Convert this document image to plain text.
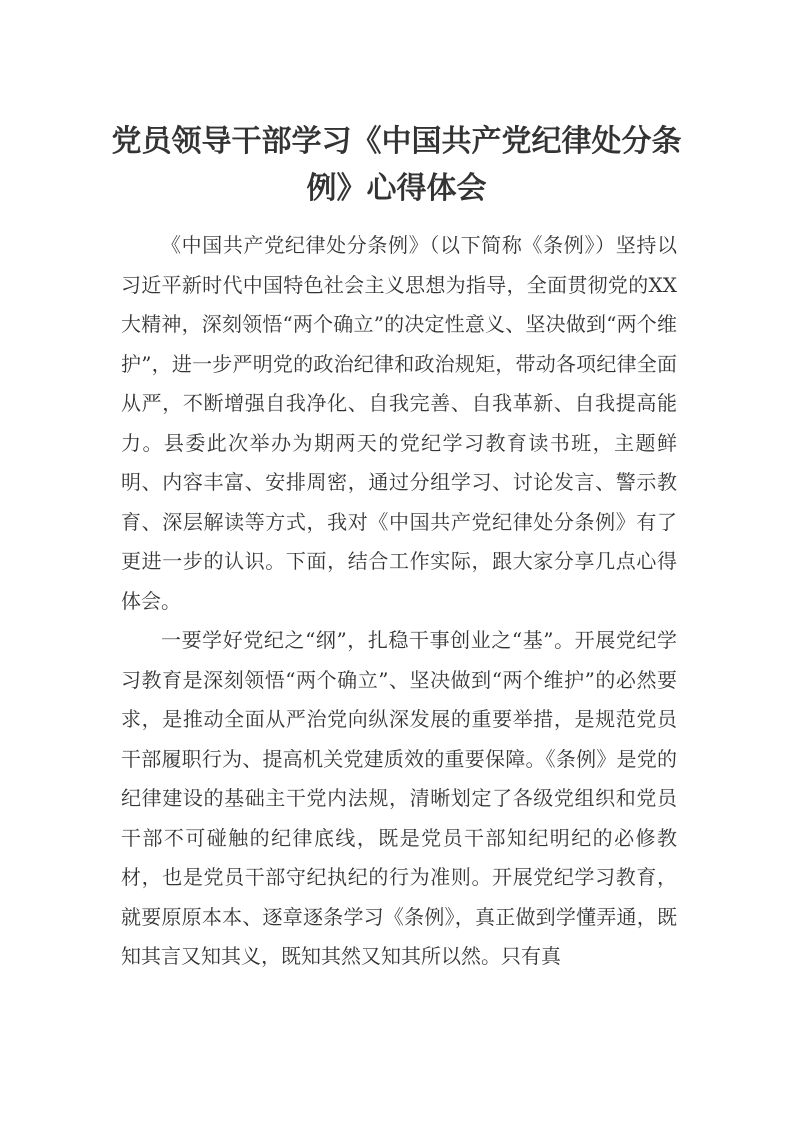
党员领导干部学习《中国共产党纪律处分条例》心得体会

《中国共产党纪律处分条例》（以下简称《条例》）坚持以习近平新时代中国特色社会主义思想为指导，全面贯彻党的XX大精神，深刻领悟“两个确立”的决定性意义、坚决做到“两个维护”，进一步严明党的政治纪律和政治规矩，带动各项纪律全面从严，不断增强自我净化、自我完善、自我革新、自我提高能力。县委此次举办为期两天的党纪学习教育读书班，主题鲜明、内容丰富、安排周密，通过分组学习、讨论发言、警示教育、深层解读等方式，我对《中国共产党纪律处分条例》有了更进一步的认识。下面，结合工作实际，跟大家分享几点心得体会。

一要学好党纪之“纲”，扎稳干事创业之“基”。开展党纪学习教育是深刻领悟“两个确立”、坚决做到“两个维护”的必然要求，是推动全面从严治党向纵深发展的重要举措，是规范党员干部履职行为、提高机关党建质效的重要保障。《条例》是党的纪律建设的基础主干党内法规，清晰划定了各级党组织和党员干部不可碰触的纪律底线，既是党员干部知纪明纪的必修教材，也是党员干部守纪执纪的行为准则。开展党纪学习教育，就要原原本本、逐章逐条学习《条例》，真正做到学懂弄通，既知其言又知其义，既知其然又知其所以然。只有真
